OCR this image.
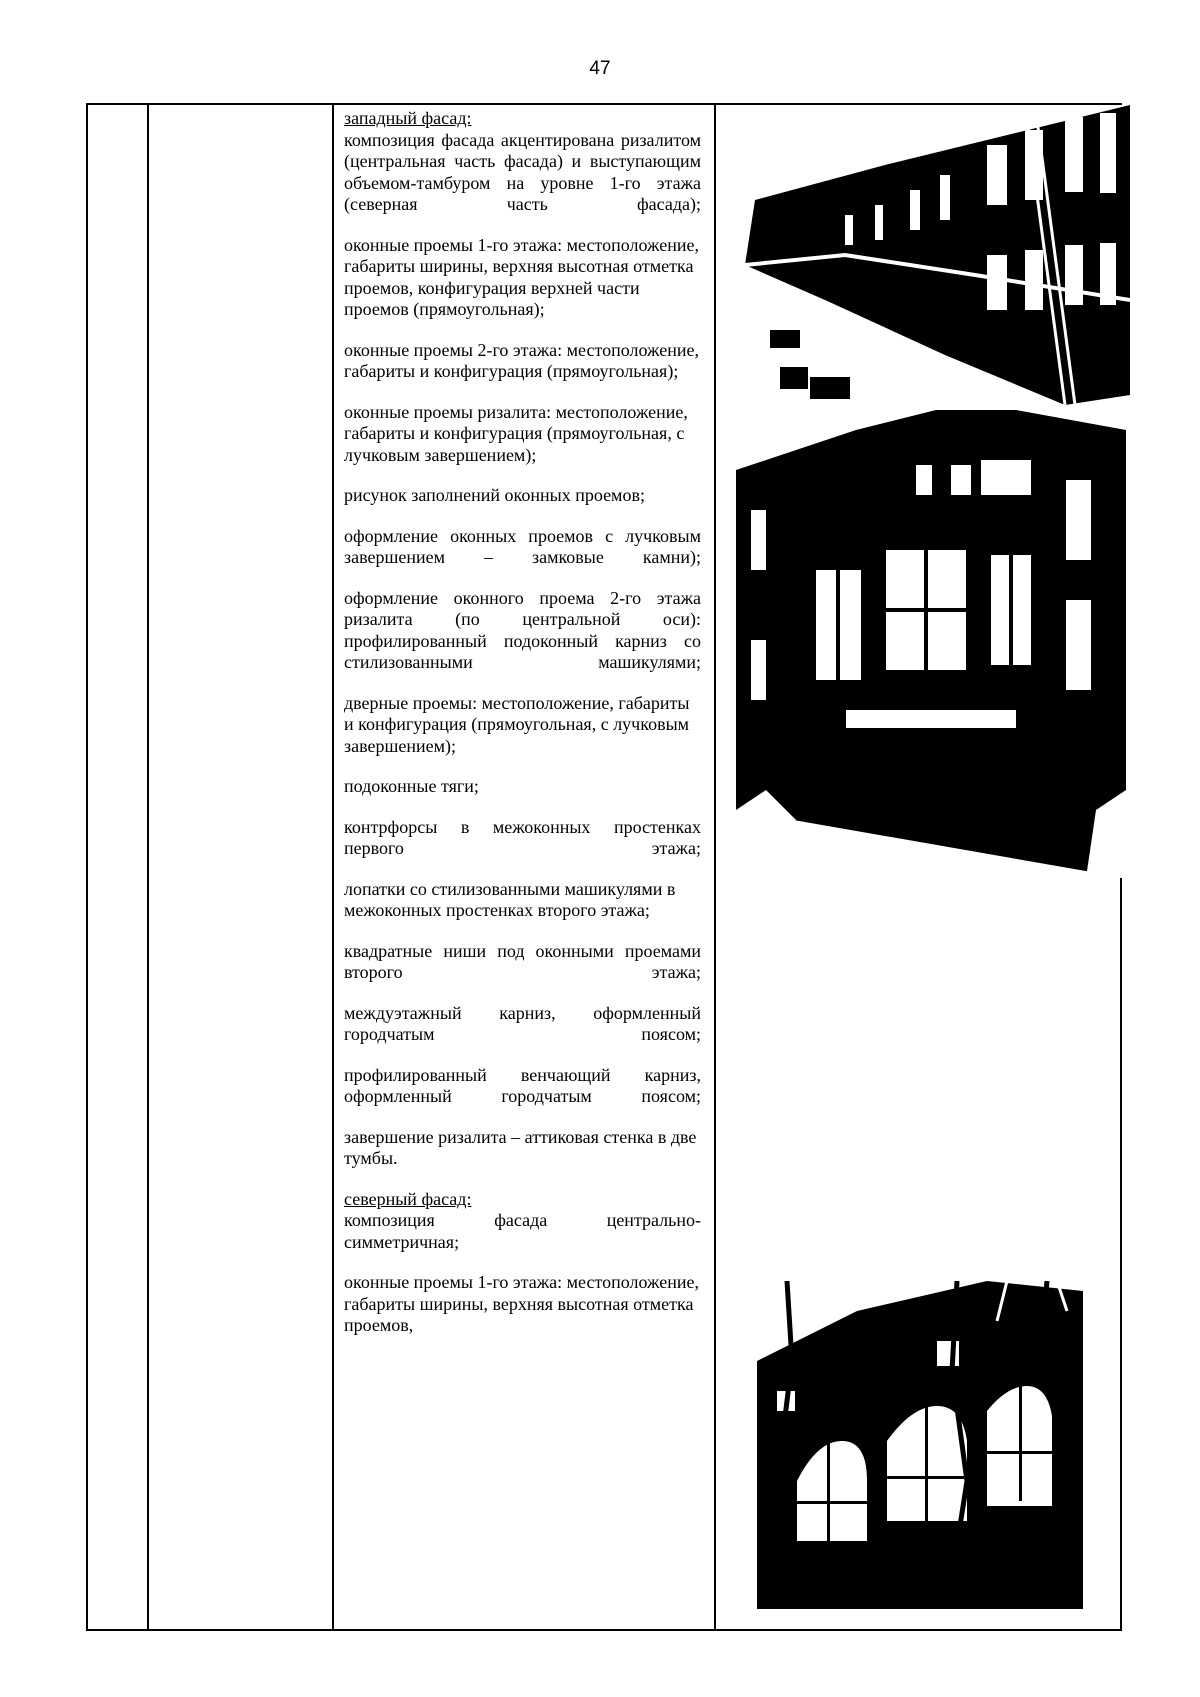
47

западный фасад:

композиция фасада акцентирована ризалитом (центральная часть фасада) и выступающим объемом-тамбуром на уровне 1-го этажа (северная часть фасада);

оконные проемы 1-го этажа: местоположение, габариты ширины, верхняя высотная отметка проемов, конфигурация верхней части проемов (прямоугольная);

оконные проемы 2-го этажа: местоположение, габариты и конфигурация (прямоугольная);

оконные проемы ризалита: местоположение, габариты и конфигурация (прямоугольная, с лучковым завершением);

рисунок заполнений оконных проемов;

оформление оконных проемов с лучковым завершением – замковые камни);

оформление оконного проема 2-го этажа ризалита (по центральной оси): профилированный подоконный карниз со стилизованными машикулями;

дверные проемы: местоположение, габариты и конфигурация (прямоугольная, с лучковым завершением);

подоконные тяги;

контрфорсы в межоконных простенках первого этажа;

лопатки со стилизованными машикулями в межоконных простенках второго этажа;

квадратные ниши под оконными проемами второго этажа;

междуэтажный карниз, оформленный городчатым поясом;

профилированный венчающий карниз, оформленный городчатым поясом;

завершение ризалита – аттиковая стенка в две тумбы.

северный фасад:

композиция фасада центрально-симметричная;

оконные проемы 1-го этажа: местоположение, габариты ширины, верхняя высотная отметка проемов,
